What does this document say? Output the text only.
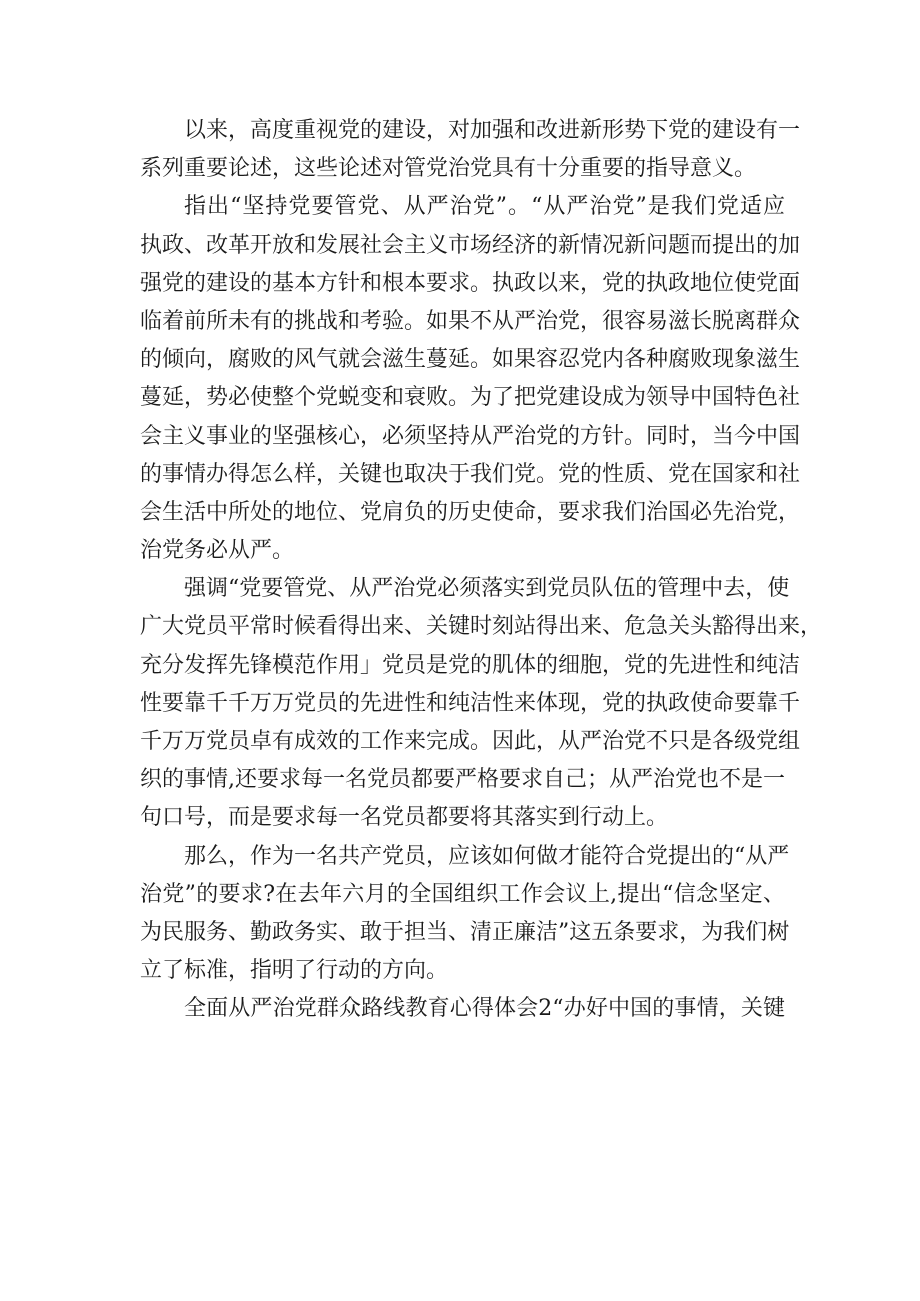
以来，高度重视党的建设，对加强和改进新形势下党的建设有一
系列重要论述，这些论述对管党治党具有十分重要的指导意义。
指出“坚持党要管党、从严治党”。“从严治党”是我们党适应
执政、改革开放和发展社会主义市场经济的新情况新问题而提出的加
强党的建设的基本方针和根本要求。执政以来，党的执政地位使党面
临着前所未有的挑战和考验。如果不从严治党，很容易滋长脱离群众
的倾向，腐败的风气就会滋生蔓延。如果容忍党内各种腐败现象滋生
蔓延，势必使整个党蜕变和衰败。为了把党建设成为领导中国特色社
会主义事业的坚强核心，必须坚持从严治党的方针。同时，当今中国
的事情办得怎么样，关键也取决于我们党。党的性质、党在国家和社
会生活中所处的地位、党肩负的历史使命，要求我们治国必先治党，
治党务必从严。
强调“党要管党、从严治党必须落实到党员队伍的管理中去，使
广大党员平常时候看得出来、关键时刻站得出来、危急关头豁得出来，
充分发挥先锋模范作用」党员是党的肌体的细胞，党的先进性和纯洁
性要靠千千万万党员的先进性和纯洁性来体现，党的执政使命要靠千
千万万党员卓有成效的工作来完成。因此，从严治党不只是各级党组
织的事情,还要求每一名党员都要严格要求自己；从严治党也不是一
句口号，而是要求每一名党员都要将其落实到行动上。
那么，作为一名共产党员，应该如何做才能符合党提出的“从严
治党”的要求?在去年六月的全国组织工作会议上,提出“信念坚定、
为民服务、勤政务实、敢于担当、清正廉洁”这五条要求，为我们树
立了标准，指明了行动的方向。
全面从严治党群众路线教育心得体会2“办好中国的事情，关键
